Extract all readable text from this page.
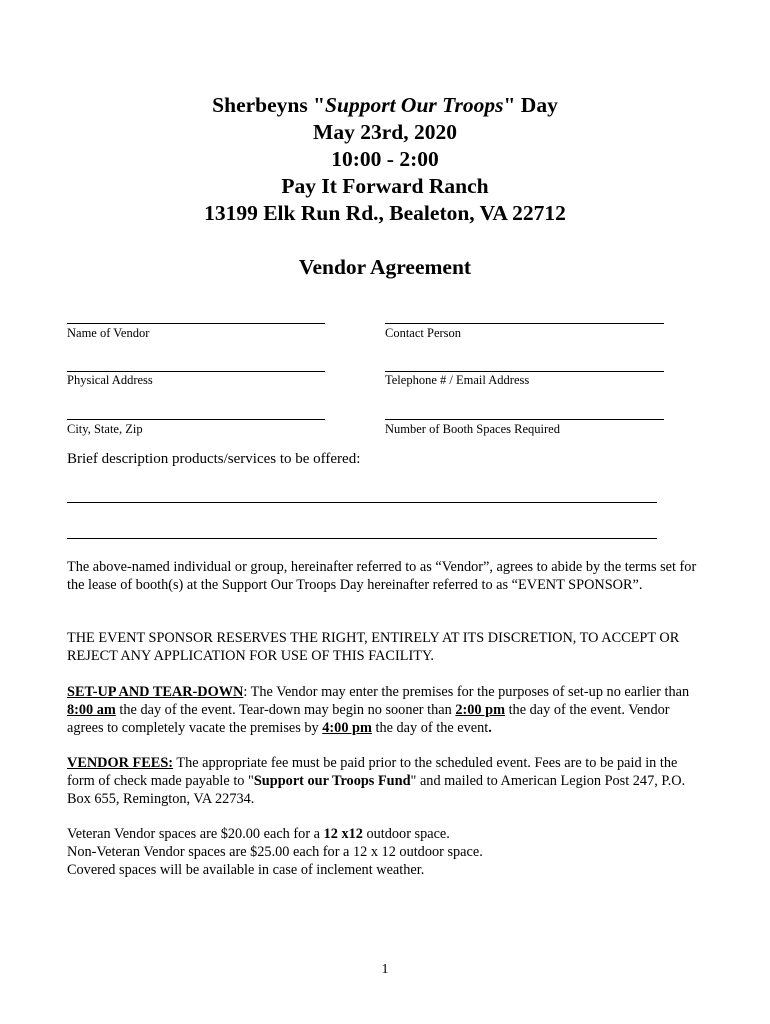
Sherbeyns "Support Our Troops" Day
May 23rd, 2020
10:00 - 2:00
Pay It Forward Ranch
13199 Elk Run Rd., Bealeton, VA 22712
Vendor Agreement
Name of Vendor	Contact Person
Physical Address	Telephone # / Email Address
City, State, Zip	Number of Booth Spaces Required
Brief description products/services to be offered:
The above-named individual or group, hereinafter referred to as “Vendor”, agrees to abide by the terms set for the lease of booth(s) at the Support Our Troops Day hereinafter referred to as “EVENT SPONSOR”.
THE EVENT SPONSOR RESERVES THE RIGHT, ENTIRELY AT ITS DISCRETION, TO ACCEPT OR REJECT ANY APPLICATION FOR USE OF THIS FACILITY.
SET-UP AND TEAR-DOWN: The Vendor may enter the premises for the purposes of set-up no earlier than 8:00 am the day of the event. Tear-down may begin no sooner than 2:00 pm the day of the event. Vendor agrees to completely vacate the premises by 4:00 pm the day of the event.
VENDOR FEES: The appropriate fee must be paid prior to the scheduled event. Fees are to be paid in the form of check made payable to "Support our Troops Fund" and mailed to American Legion Post 247, P.O. Box 655, Remington, VA 22734.
Veteran Vendor spaces are $20.00 each for a 12 x12 outdoor space.
Non-Veteran Vendor spaces are $25.00 each for a 12 x 12 outdoor space.
Covered spaces will be available in case of inclement weather.
1
